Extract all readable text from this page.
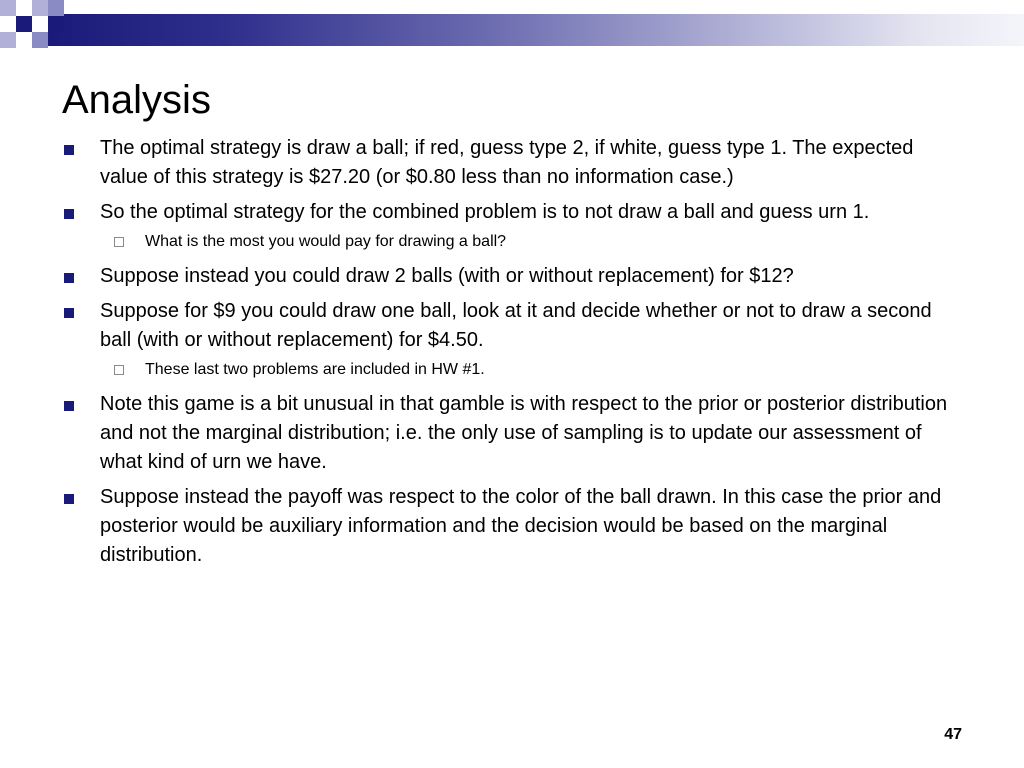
Analysis
The optimal strategy is draw a ball; if red, guess type 2, if white, guess type 1. The expected value of this strategy is $27.20 (or $0.80 less than no information case.)
So the optimal strategy for the combined problem is to not draw a ball and guess urn 1.
What is the most you would pay for drawing a ball?
Suppose instead you could draw 2 balls (with or without replacement) for $12?
Suppose for $9 you could draw one ball, look at it and decide whether or not to draw a second ball (with or without replacement) for $4.50.
These last two problems are included in HW #1.
Note this game is a bit unusual in that gamble is with respect to the prior or posterior distribution and not the marginal distribution; i.e. the only use of sampling is to update our assessment of what kind of urn we have.
Suppose instead the payoff was respect to the color of the ball drawn. In this case the prior and posterior would be auxiliary information and the decision would be based on the marginal distribution.
47
